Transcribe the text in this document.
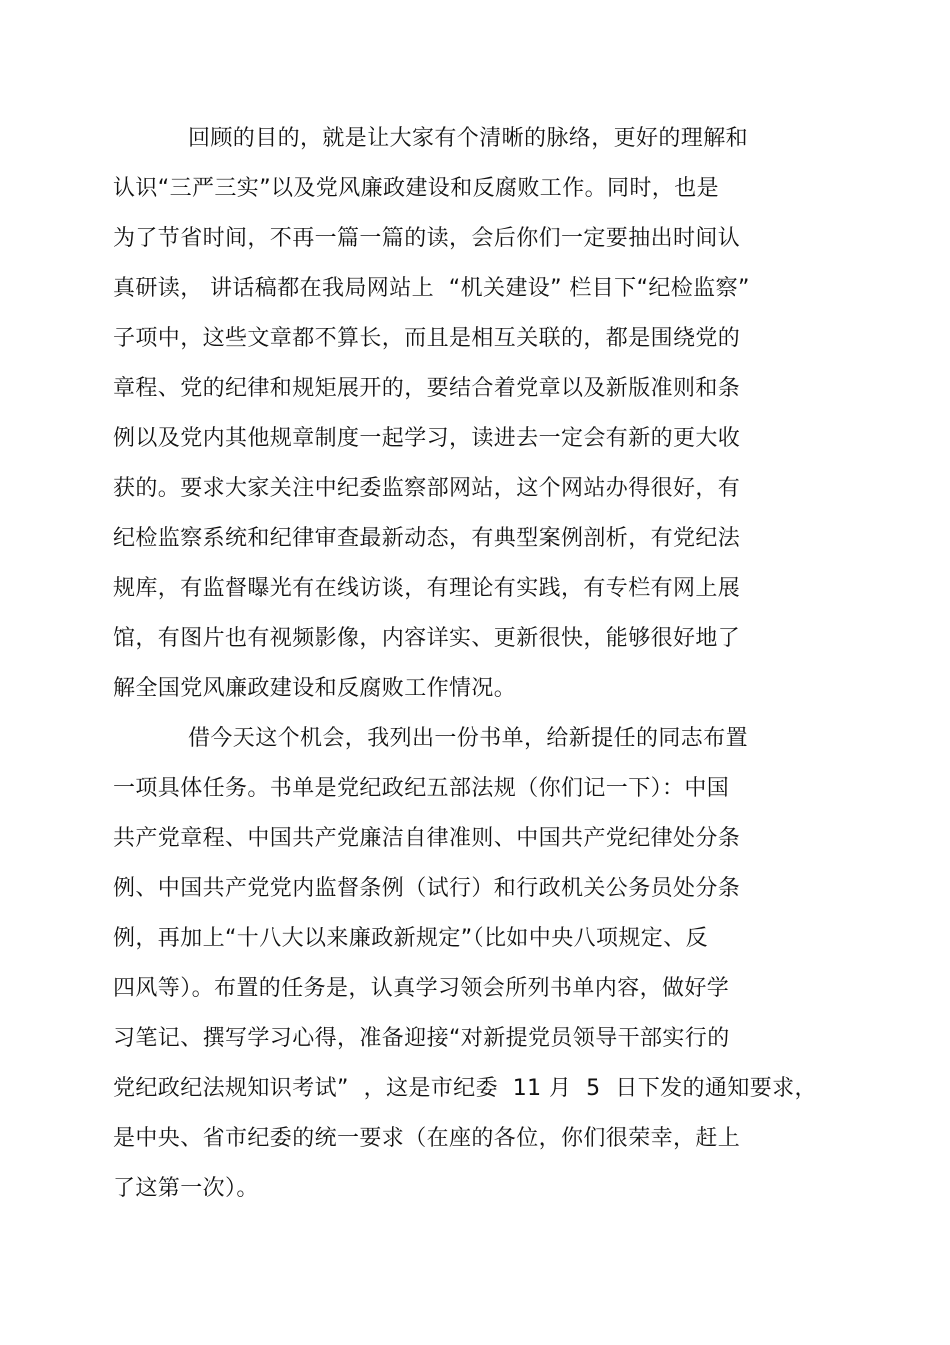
回顾的目的，就是让大家有个清晰的脉络，更好的理解和
认识“三严三实”以及党风廉政建设和反腐败工作。同时，也是
为了节省时间，不再一篇一篇的读，会后你们一定要抽出时间认
真研读， 讲话稿都在我局网站上  “机关建设” 栏目下“纪检监察”
子项中，这些文章都不算长，而且是相互关联的，都是围绕党的
章程、党的纪律和规矩展开的，要结合着党章以及新版准则和条
例以及党内其他规章制度一起学习，读进去一定会有新的更大收
获的。要求大家关注中纪委监察部网站，这个网站办得很好，有
纪检监察系统和纪律审查最新动态，有典型案例剖析，有党纪法
规库，有监督曝光有在线访谈，有理论有实践，有专栏有网上展
馆，有图片也有视频影像，内容详实、更新很快，能够很好地了
解全国党风廉政建设和反腐败工作情况。
借今天这个机会，我列出一份书单，给新提任的同志布置
一项具体任务。书单是党纪政纪五部法规（你们记一下）：中国
共产党章程、中国共产党廉洁自律准则、中国共产党纪律处分条
例、中国共产党党内监督条例（试行）和行政机关公务员处分条
例，再加上“十八大以来廉政新规定”（比如中央八项规定、反
四风等）。布置的任务是，认真学习领会所列书单内容，做好学
习笔记、撰写学习心得，准备迎接“对新提党员领导干部实行的
党纪政纪法规知识考试”  ，这是市纪委  11 月  5  日下发的通知要求，
是中央、省市纪委的统一要求（在座的各位，你们很荣幸，赶上
了这第一次）。
